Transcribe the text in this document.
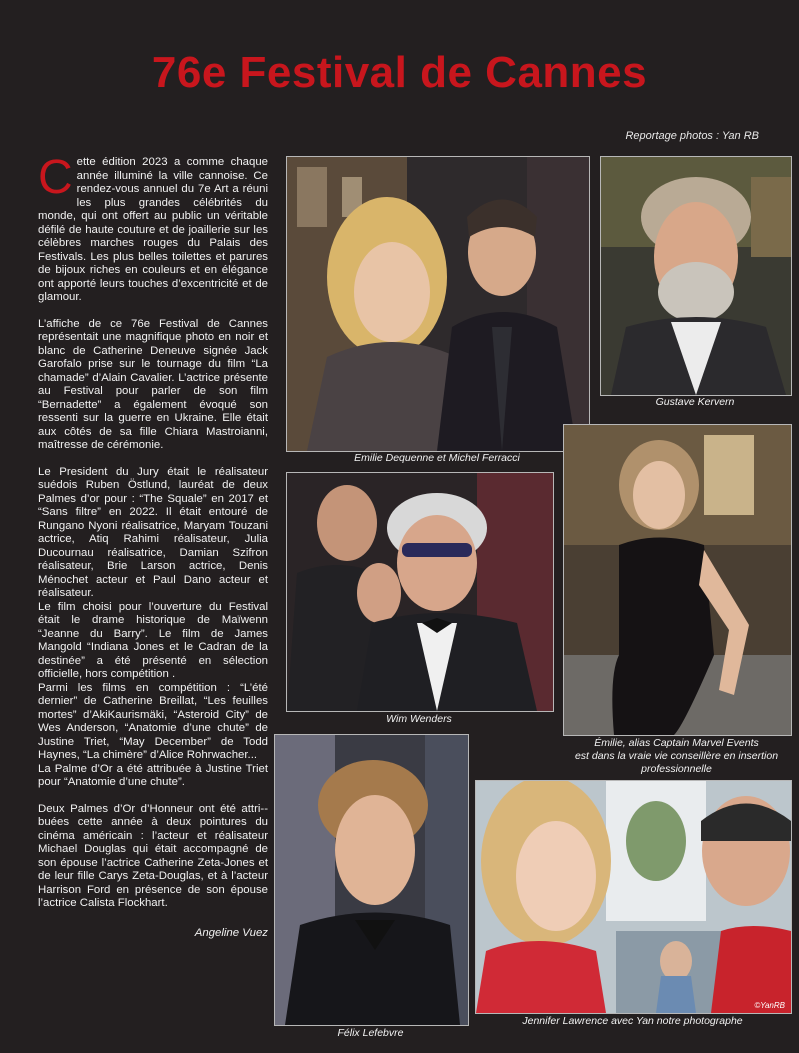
76e Festival de Cannes
Reportage photos : Yan RB

Cette édition 2023 a comme chaque année illuminé la ville cannoise. Ce rendez-vous annuel du 7e Art a réuni les plus grandes célébrités du monde, qui ont offert au public un véritable défilé de haute couture et de joaillerie sur les célèbres marches rouges du Palais des Festivals. Les plus belles toilettes et parures de bijoux riches en couleurs et en élégance ont apporté leurs touches d’excentricité et de glamour.

L’affiche de ce 76e Festival de Cannes représentait une magnifique photo en noir et blanc de Catherine Deneuve signée Jack Garofalo prise sur le tournage du film “La chamade” d’Alain Cavalier. L’actrice présente au Festival pour parler de son film “Bernadette” a également évoqué son ressenti sur la guerre en Ukraine. Elle était aux côtés de sa fille Chiara Mastroianni, maîtresse de cérémonie.

Le President du Jury était le réalisateur suédois Ruben Östlund, lauréat de deux Palmes d’or pour : “The Squale” en 2017 et “Sans filtre” en 2022. Il était entouré de Rungano Nyoni réalisatrice, Maryam Touzani actrice, Atiq Rahimi réalisateur, Julia Ducournau réalisatrice, Damian Szifron réalisateur, Brie Larson actrice, Denis Ménochet acteur et Paul Dano acteur et réalisateur.

Le film choisi pour l’ouverture du Festival était le drame historique de Maïwenn “Jeanne du Barry”. Le film de James Mangold “Indiana Jones et le Cadran de la destinée” a été présenté en sélection officielle, hors compétition .

Parmi les films en compétition : “L’été dernier” de Catherine Breillat, “Les feuilles mortes” d’AkiKaurismäki, “Asteroid City” de Wes Anderson, “Anatomie d’une chute” de Justine Triet, “May December” de Todd Haynes, “La chimère” d’Alice Rohrwacher...

La Palme d’Or a été attribuée à Justine Triet pour “Anatomie d’une chute”.

Deux Palmes d’Or d’Honneur ont été attri--buées cette année à deux pointures du cinéma américain : l’acteur et réalisateur Michael Douglas qui était accompagné de son épouse l’actrice Catherine Zeta-Jones et de leur fille Carys Zeta-Douglas, et à l’acteur Harrison Ford en présence de son épouse l’actrice Calista Flockhart.

Angeline Vuez

Emilie Dequenne et Michel Ferracci
Gustave Kervern
Wim Wenders
Émilie, alias Captain Marvel Events
est dans la vraie vie conseillère en insertion
professionnelle
Félix Lefebvre
©YanRB
Jennifer Lawrence avec Yan notre photographe
